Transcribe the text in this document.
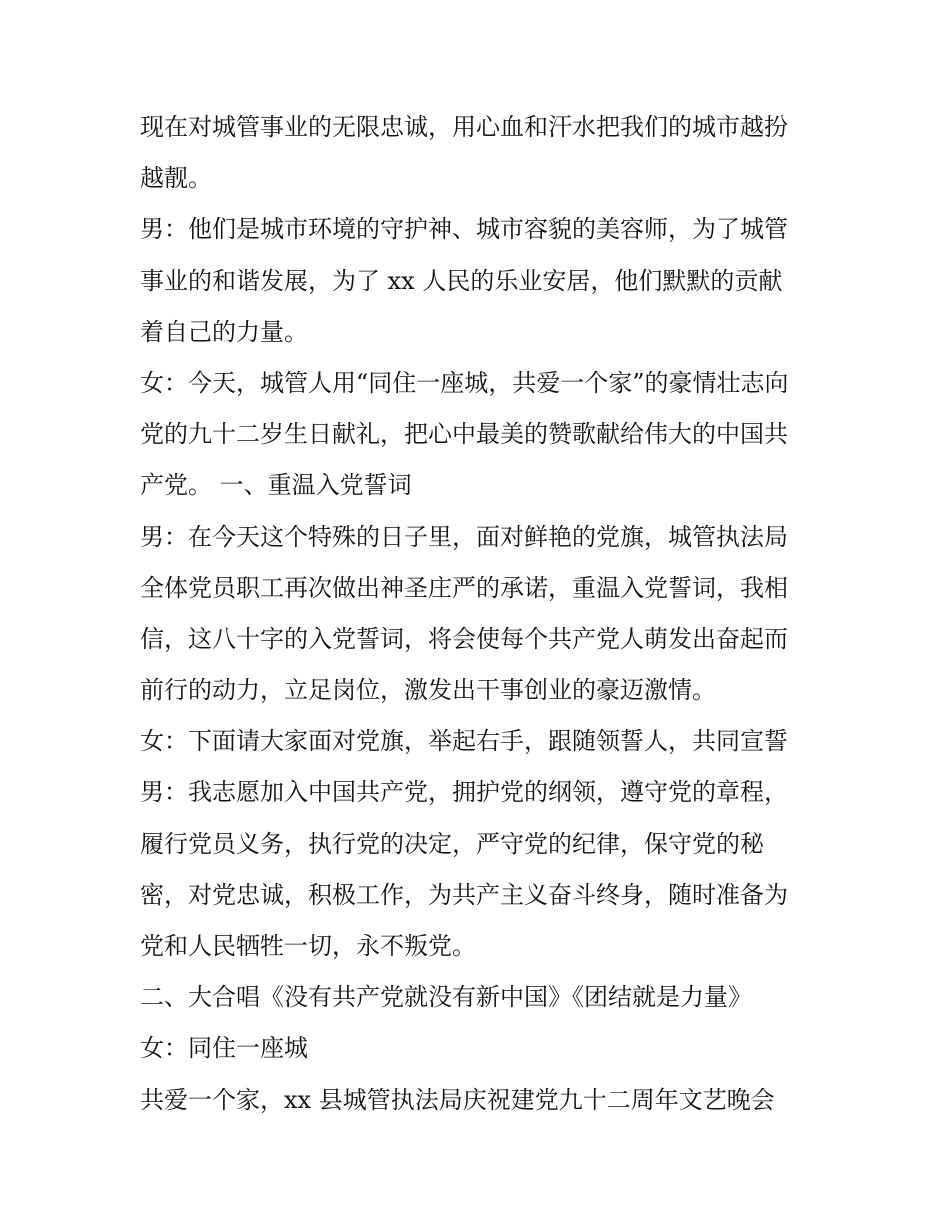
现在对城管事业的无限忠诚，用心血和汗水把我们的城市越扮
越靓。
男：他们是城市环境的守护神、城市容貌的美容师，为了城管
事业的和谐发展，为了 xx 人民的乐业安居，他们默默的贡献
着自己的力量。
女：今天，城管人用“同住一座城，共爱一个家”的豪情壮志向
党的九十二岁生日献礼，把心中最美的赞歌献给伟大的中国共
产党。 一、重温入党誓词
男：在今天这个特殊的日子里，面对鲜艳的党旗，城管执法局
全体党员职工再次做出神圣庄严的承诺，重温入党誓词，我相
信，这八十字的入党誓词，将会使每个共产党人萌发出奋起而
前行的动力，立足岗位，激发出干事创业的豪迈激情。
女：下面请大家面对党旗，举起右手，跟随领誓人，共同宣誓
男：我志愿加入中国共产党，拥护党的纲领，遵守党的章程，
履行党员义务，执行党的决定，严守党的纪律，保守党的秘
密，对党忠诚，积极工作，为共产主义奋斗终身，随时准备为
党和人民牺牲一切，永不叛党。
二、大合唱《没有共产党就没有新中国》《团结就是力量》
女：同住一座城
共爱一个家，xx 县城管执法局庆祝建党九十二周年文艺晚会
